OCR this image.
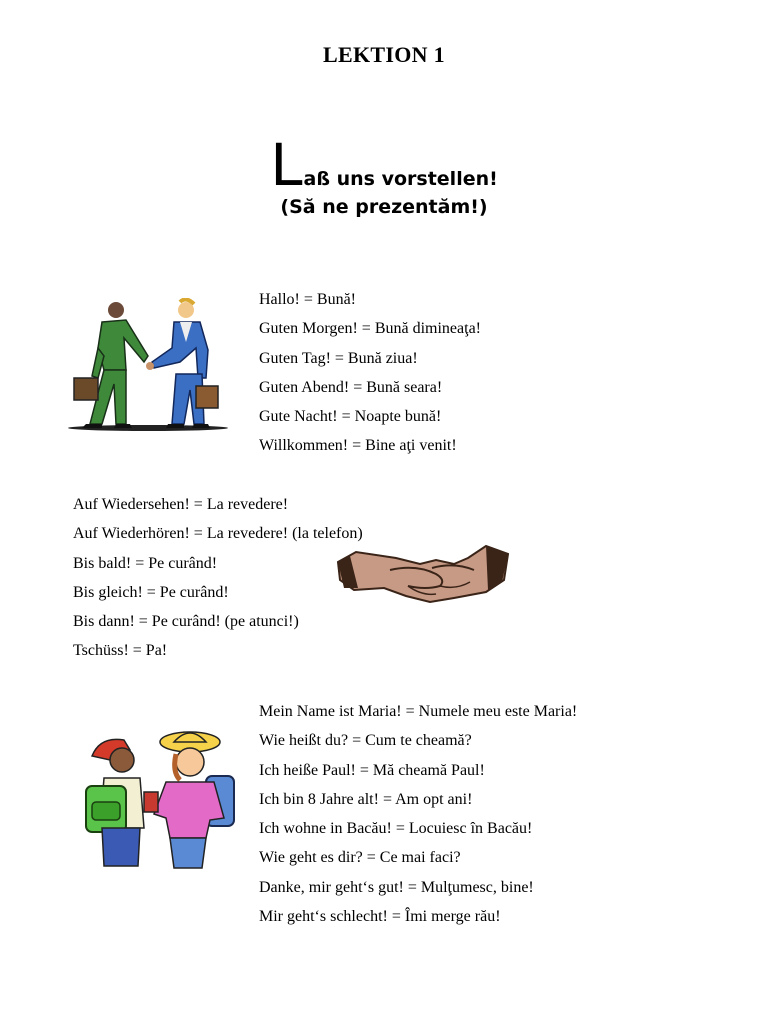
LEKTION 1
Laß uns vorstellen!
(Să ne prezentăm!)
Hallo! = Bună!
Guten Morgen! = Bună dimineaţa!
Guten Tag! = Bună ziua!
Guten Abend! = Bună seara!
Gute Nacht! = Noapte bună!
Willkommen! = Bine aţi venit!
Auf Wiedersehen! = La revedere!
Auf Wiederhören! = La revedere! (la telefon)
Bis bald! = Pe curând!
Bis gleich! = Pe curând!
Bis dann! = Pe curând! (pe atunci!)
Tschüss! = Pa!
Mein Name ist Maria! = Numele meu este Maria!
Wie heißt du? = Cum te cheamă?
Ich heiße Paul! = Mă cheamă Paul!
Ich bin 8 Jahre alt! = Am opt ani!
Ich wohne in Bacău! = Locuiesc în Bacău!
Wie geht es dir? = Ce mai faci?
Danke, mir geht‘s gut! = Mulţumesc, bine!
Mir geht‘s schlecht! = Îmi merge rău!
